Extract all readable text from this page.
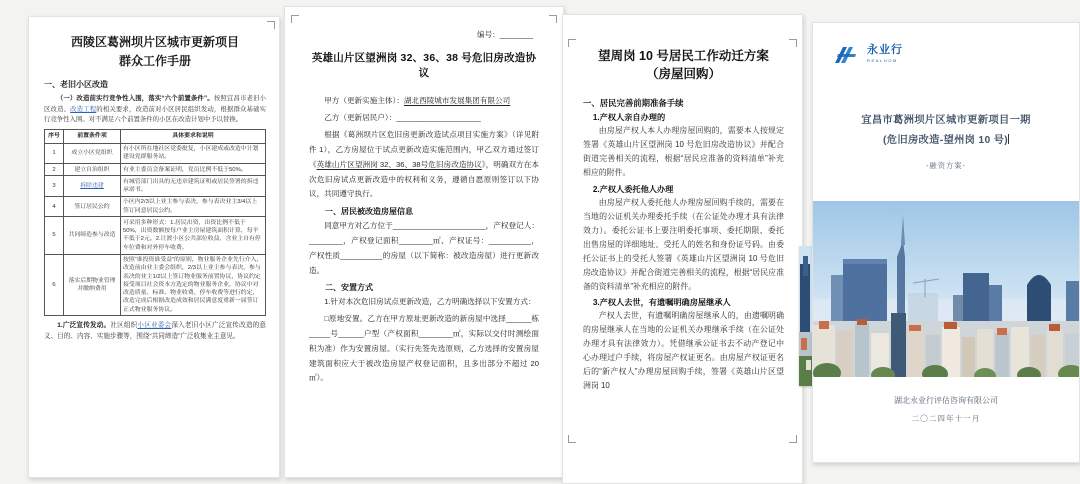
西陵区葛洲坝片区城市更新项目
群众工作手册
一、老旧小区改造
（一）改造前实行竞争性入围，落实“六个前置条件”。按照宜昌市老旧小区改造、改造工程的相关要求，改造前对小区居民组织发动，根据群众基础实行竞争性入围。对不满足六个前置条件的小区在改造计划中予以替换。
序号	前置条件项	具体要求和说明
1	成立小区党组织	有小区所在地社区党委批复，小区建成或改造中计划建设党群服务站。
2	建立自治组织	有业主委员会备案证明，党员比例不低于50%。
3	拆除违建	有城管部门出具的无违章建筑证明或居民签署的拆违承诺书。
4	签订居民公约	小区内2/3以上业主参与表决，参与表决业主3/4以上签订同意居民公约。
5	共同缔造参与改造	可采用多种形式：1.居民出资，出资比例不低于50%，出资数额按每户业主房屋建筑面积计算，每平不低于2元。2.让渡小区公共部位收益，含业主自有停车位费和对外停车收费。
6	落实后期物业管理并缴纳费用	按照“谁投资谁受益”的原则，物业服务企业先行介入，改造前由业主委会组织，2/3以上业主参与表决，参与表决的业主1/2以上签订物业服务前置协议，协议约定接受项目社会资本方选定的物业服务企业，协议中对改造质量、标准、物业收费、停车收费等进行约定，改造完成后根据改造成效和居民满意度重新一届签订正式物业服务协议。
1.广泛宣传发动。社区组织小区业委会深入老旧小区广泛宣传改造的意义、目的、内容、实施步骤等，围绕“共同缔造”广泛收集业主意见。
编号：________
英雄山片区望洲岗 32、36、38 号危旧房改造协议
甲方（更新实施主体）：湖北西陵城市发展集团有限公司
乙方（更新居民户）：____________________
根据《葛洲坝片区危旧房更新改造试点项目实施方案》（详见附件 1），乙方房屋位于试点更新改造实施范围内，甲乙双方通过签订《英雄山片区望洲岗 32、36、38号危旧房改造协议》，明确双方在本次危旧房试点更新改造中的权利和义务，遵循自愿原则签订以下协议，共同遵守执行。
一、居民被改造房屋信息
同意甲方对乙方位于______________________，产权登记人：________，产权登记面积________㎡、产权证号：__________，产权性质__________的房屋（以下简称：被改造房屋）进行更新改造。
二、安置方式
1.针对本次危旧房试点更新改造，乙方明确选择以下安置方式：
□原地安置。乙方在甲方原址更新改造的新房屋中选择______栋_____号______户型（产权面积________㎡，实际以交付时测绘面积为准）作为安置房屋。（实行先签先选原则，乙方选择的安置房屋建筑面积应大于被改造房屋产权登记面积，且多出部分不超过 20 ㎡）。
望周岗 10 号居民工作动迁方案
（房屋回购）
一、居民完善前期准备手续
1.产权人亲自办理的
由房屋产权人本人办理房屋回购的，需要本人按规定签署《英雄山片区望洲岗 10 号危旧房改造协议》并配合街道完善相关的流程，根据“居民应准备的资料清单”补充相应的附件。
2.产权人委托他人办理
由房屋产权人委托他人办理房屋回购手续的，需要在当地的公证机关办理委托手续（在公证处办理才具有法律效力）。委托公证书上要注明委托事项、委托期限、委托出售房屋的详细地址、受托人的姓名和身份证号码。由委托公证书上的受托人签署《英雄山片区望洲岗 10 号危旧房改造协议》并配合街道完善相关的流程，根据“居民应准备的资料清单”补充相应的附件。
3.产权人去世，有遗嘱明确房屋继承人
产权人去世，有遗嘱明确房屋继承人的，由遗嘱明确的房屋继承人在当地的公证机关办理继承手续（在公证处办理才具有法律效力）。凭借继承公证书去不动产登记中心办理过户手续，将房屋产权证更名。由房屋产权证更名后的“新产权人”办理房屋回购手续，签署《英雄山片区望洲岗 10
永业行
REALHOM
宜昌市葛洲坝片区城市更新项目一期
(危旧房改造-望州岗 10 号)
-融资方案-
湖北永业行评估咨询有限公司
二〇二四年十一月
